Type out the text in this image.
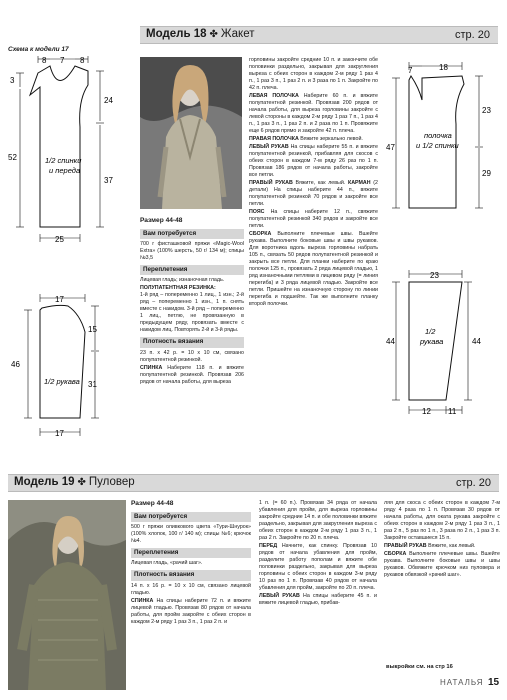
Схема к модели 17
8 7 8
24
37
3
52
25
1/2 спинки
и переда
17
17
15
31
46
1/2 рукава
Модель 18 ✤ Жакет	стр. 20
Размер 44-48
Вам потребуется

700 г фисташковой пряжи «Magic-Wool Extra» (100% шерсть, 50 г/ 134 м); спицы №3,5

Переплетения

Лицевая гладь; изнаночная гладь.

ПОЛУПАТЕНТНАЯ РЕЗИНКА:

1-й ряд – попеременно 1 лиц., 1 изн.; 2-й ряд – попеременно 1 изн., 1 п. снять вместе с накидом. 3-й ряд – попеременно 1 лиц., петлю, не провязанную в предыдущем ряду, провязать вместе с накидом лиц. Повторять 2-й и 3-й ряды.

Плотность вязания

23 п. х 42 р. = 10 х 10 см, связано полупатентной резинкой.

СПИНКА Наберите 118 п. и вяжите полупатентной резинкой. Провязав 206 рядов от начала работы, для выреза

горловины закройте средние 10 п. и закончите обе половинки раздельно, закрывая для закругления выреза с обеих сторон в каждом 2-м ряду 1 раз 4 п., 1 раз 3 п., 1 раз 2 п. и 3 раза по 1 п. Закройте по 42 п. плеча.

ЛЕВАЯ ПОЛОЧКА Наберите 60 п. и вяжите полупатентной резинкой. Провязав 200 рядов от начала работы, для выреза горловины закройте с левой стороны в каждом 2-м ряду 1 раз 7 п., 1 раз 4 п., 1 раз 3 п., 1 раз 2 п. и 2 раза по 1 п. Провяжите еще 6 рядов прямо и закройте 42 п. плеча.

ПРАВАЯ ПОЛОЧКА Вяжите зеркально левой.

ЛЕВЫЙ РУКАВ На спицы наберите 55 п. и вяжите полупатентной резинкой, прибавляя для скосов с обеих сторон в каждом 7-м ряду 26 раз по 1 п. Провязав 186 рядов от начала работы, закройте все петли.

ПРАВЫЙ РУКАВ Вяжите, как левый. КАРМАН (2 детали) На спицы наберите 44 п., вяжите полупатентной резинкой 70 рядов и закройте все петли.

ПОЯС На спицы наберите 12 п., свяжите полупатентной резинкой 340 рядов и закройте все петли.

СБОРКА Выполните плечевые швы. Вшейте рукава. Выполните боковые швы и швы рукавов. Для воротника вдоль выреза горловины набрать 105 п., связать 50 рядов полупатентной резинкой и закрыть все петли. Для планки наберите по краю полочки 125 п., провязать 2 ряда лицевой гладью, 1 ряд изнаночными петлями в лицевом ряду (= линия перегиба) и 3 ряда лицевой гладью. Закройте все петли. Пришейте на изнаночную сторону по линии перегиба и подшейте. Так же выполните планку второй полочки.

7	18
47
23
29
полочка
и 1/2 спинки
23
44	44
12 11
1/2
рукава
Модель 19 ✤ Пуловер	стр. 20
Размер 44-48
Вам потребуется

500 г пряжи оливкового цвета «Тури-Шнурок» (100% хлопок, 100 г/ 140 м); спицы №6; крючок №4.

Переплетения

Лицевая гладь, «рачий шаг».

Плотность вязания

14 п. х 16 р. = 10 х 10 см, связано лицевой гладью.

СПИНКА На спицы наберите 72 п. и вяжите лицевой гладью. Провязав 80 рядов от начала работы, для пройм закройте с обеих сторон в каждом 2-м ряду 1 раз 3 п., 1 раз 2 п. и

1 п. (= 60 п.). Провязав 34 ряда от начала убавления для пройм, для выреза горловины закройте средние 14 п. и обе половинки вяжите раздельно, закрывая для закругления выреза с обеих сторон в каждом 2-м ряду 1 раз 3 п., 1 раз 2 п. Закройте по 20 п. плеча.

ПЕРЕД Начните, как спинку. Провязав 10 рядов от начала убавления для пройм, разделите работу пополам и вяжите обе половинки раздельно, закрывая для выреза горловины с обеих сторон в каждом 3-м ряду 10 раз по 1 п. Провязав 40 рядов от начала убавления для пройм, закройте по 20 п. плеча.

ЛЕВЫЙ РУКАВ На спицы наберите 45 п. и вяжите лицевой гладью, прибав-

ляя для скоса с обеих сторон в каждом 7-м ряду 4 раза по 1 п. Провязав 30 рядов от начала работы, для оката рукава закройте с обеих сторон в каждом 2-м ряду 1 раз 3 п., 1 раз 2 п., 5 раз по 1 п., 3 раза по 2 п., 1 раз 3 п. Закройте оставшиеся 15 п.

ПРАВЫЙ РУКАВ Вяжите, как левый.

СБОРКА Выполните плечевые швы. Вшейте рукава. Выполните боковые швы и швы рукавов. Обвяжите крючком низ пуловера и рукавов обвязкой «рачий шаг».

выкройки см. на стр 16
НАТАЛЬЯ 15
